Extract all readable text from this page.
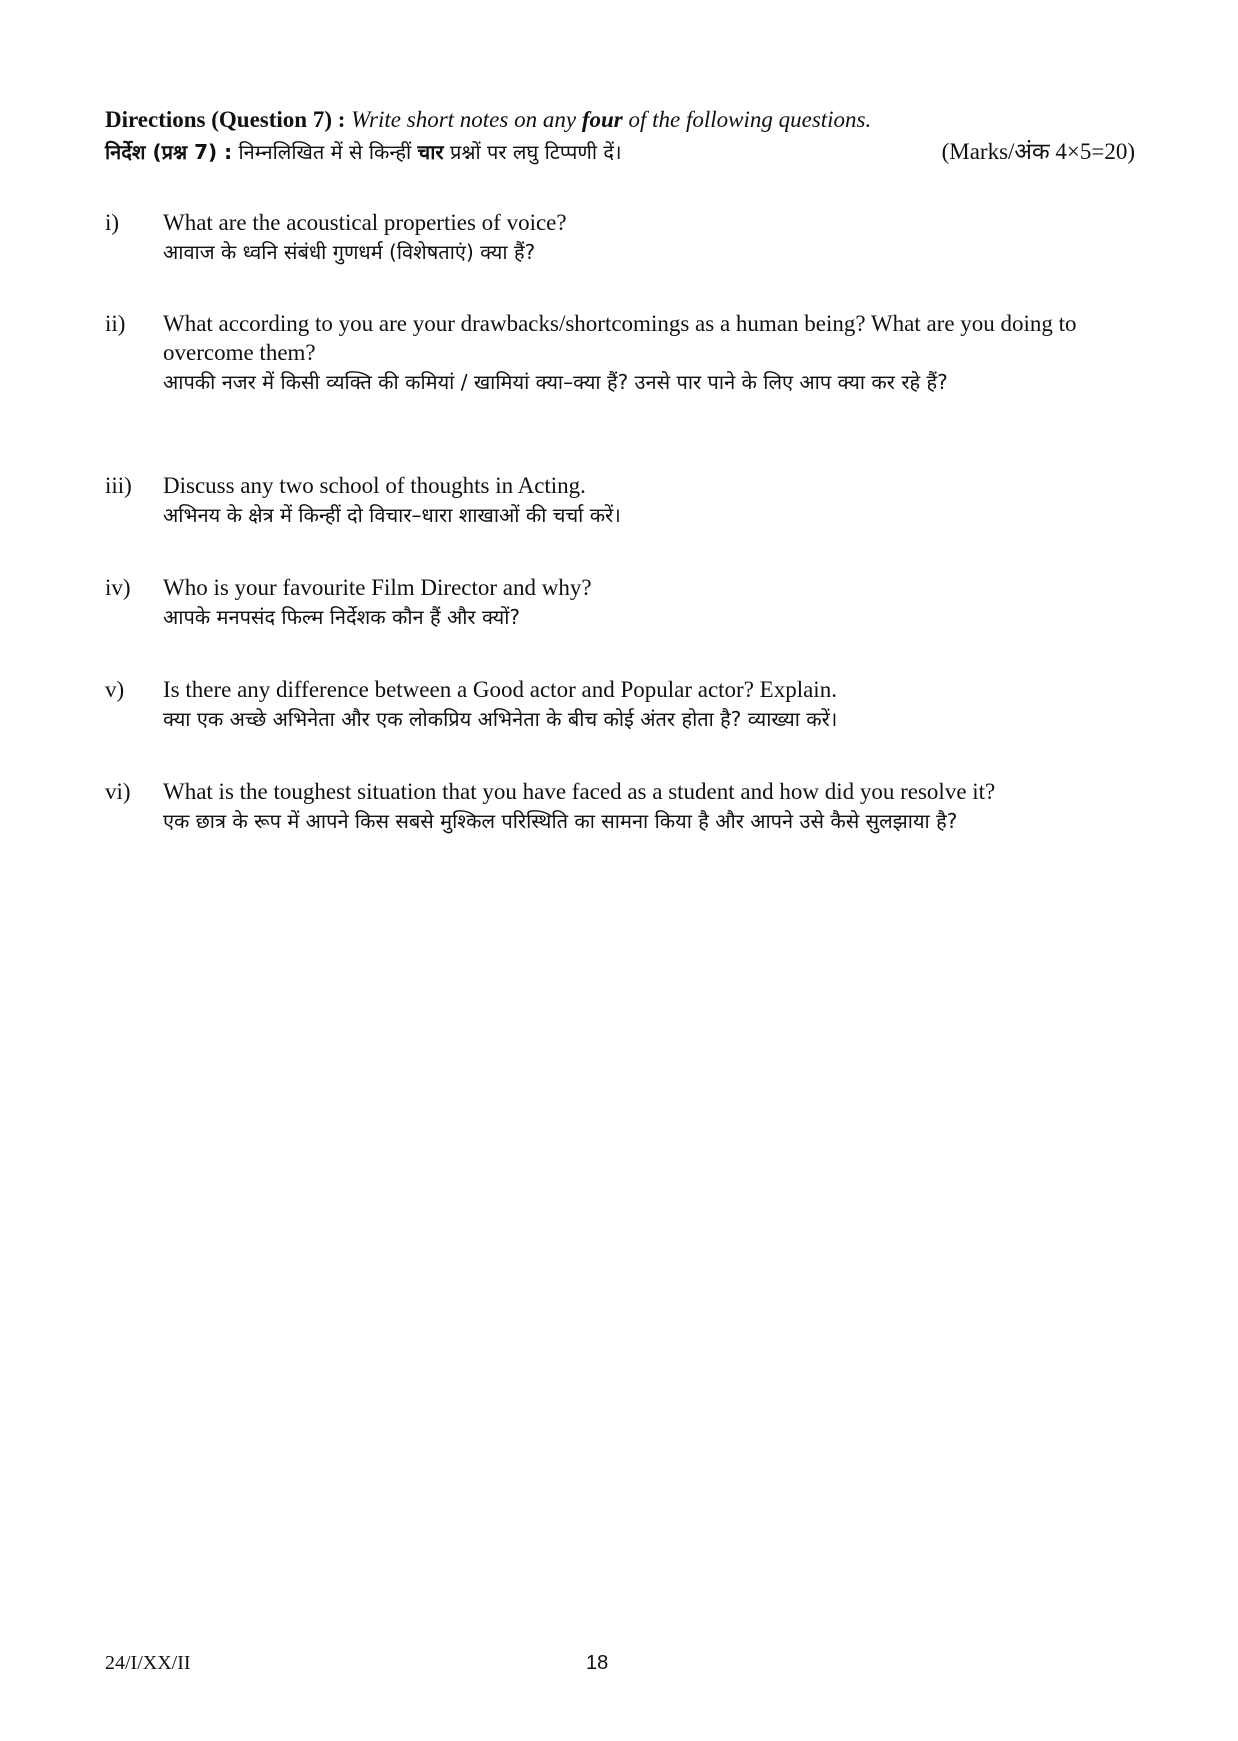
Directions (Question 7) : Write short notes on any four of the following questions.
निर्देश (प्रश्न 7) : निम्नलिखित में से किन्हीं चार प्रश्नों पर लघु टिप्पणी दें।	(Marks/अंक 4×5=20)
i) What are the acoustical properties of voice?
आवाज के ध्वनि संबंधी गुणधर्म (विशेषताएं) क्या हैं?
ii) What according to you are your drawbacks/shortcomings as a human being? What are you doing to overcome them?
आपकी नजर में किसी व्यक्ति की कमियां / खामियां क्या–क्या हैं? उनसे पार पाने के लिए आप क्या कर रहे हैं?
iii) Discuss any two school of thoughts in Acting.
अभिनय के क्षेत्र में किन्हीं दो विचार–धारा शाखाओं की चर्चा करें।
iv) Who is your favourite Film Director and why?
आपके मनपसंद फिल्म निर्देशक कौन हैं और क्यों?
v) Is there any difference between a Good actor and Popular actor? Explain.
क्या एक अच्छे अभिनेता और एक लोकप्रिय अभिनेता के बीच कोई अंतर होता है? व्याख्या करें।
vi) What is the toughest situation that you have faced as a student and how did you resolve it?
एक छात्र के रूप में आपने किस सबसे मुश्किल परिस्थिति का सामना किया है और आपने उसे कैसे सुलझाया है?
24/I/XX/II	18
